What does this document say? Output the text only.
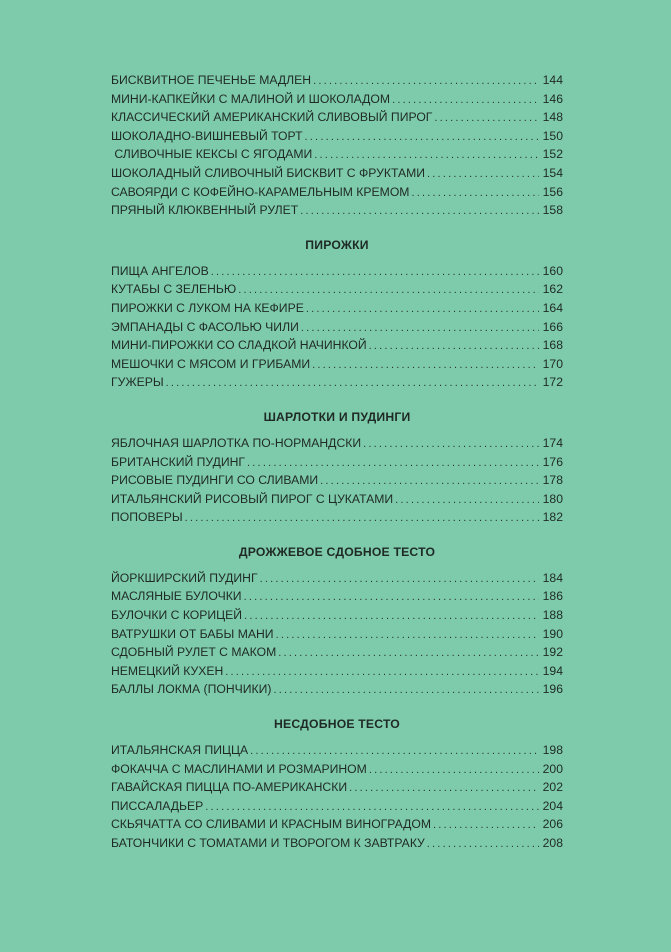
БИСКВИТНОЕ ПЕЧЕНЬЕ МАДЛЕН .....	144
МИНИ-КАПКЕЙКИ С МАЛИНОЙ И ШОКОЛАДОМ .....	146
КЛАССИЧЕСКИЙ АМЕРИКАНСКИЙ СЛИВОВЫЙ ПИРОГ .....	148
ШОКОЛАДНО-ВИШНЕВЫЙ ТОРТ .....	150
СЛИВОЧНЫЕ КЕКСЫ С ЯГОДАМИ .....	152
ШОКОЛАДНЫЙ СЛИВОЧНЫЙ БИСКВИТ С ФРУКТАМИ .....	154
САВОЯРДИ С КОФЕЙНО-КАРАМЕЛЬНЫМ КРЕМОМ .....	156
ПРЯНЫЙ КЛЮКВЕННЫЙ РУЛЕТ .....	158
ПИРОЖКИ
ПИЩА АНГЕЛОВ .....	160
КУТАБЫ С ЗЕЛЕНЬЮ .....	162
ПИРОЖКИ С ЛУКОМ НА КЕФИРЕ .....	164
ЭМПАНАДЫ С ФАСОЛЬЮ ЧИЛИ .....	166
МИНИ-ПИРОЖКИ СО СЛАДКОЙ НАЧИНКОЙ .....	168
МЕШОЧКИ С МЯСОМ И ГРИБАМИ .....	170
ГУЖЕРЫ .....	172
ШАРЛОТКИ И ПУДИНГИ
ЯБЛОЧНАЯ ШАРЛОТКА ПО-НОРМАНДСКИ .....	174
БРИТАНСКИЙ ПУДИНГ .....	176
РИСОВЫЕ ПУДИНГИ СО СЛИВАМИ .....	178
ИТАЛЬЯНСКИЙ РИСОВЫЙ ПИРОГ С ЦУКАТАМИ .....	180
ПОПОВЕРЫ .....	182
ДРОЖЖЕВОЕ СДОБНОЕ ТЕСТО
ЙОРКШИРСКИЙ ПУДИНГ .....	184
МАСЛЯНЫЕ БУЛОЧКИ .....	186
БУЛОЧКИ С КОРИЦЕЙ .....	188
ВАТРУШКИ ОТ БАБЫ МАНИ .....	190
СДОБНЫЙ РУЛЕТ С МАКОМ .....	192
НЕМЕЦКИЙ КУХЕН .....	194
БАЛЛЫ ЛОКМА (ПОНЧИКИ) .....	196
НЕСДОБНОЕ ТЕСТО
ИТАЛЬЯНСКАЯ ПИЦЦА .....	198
ФОКАЧЧА С МАСЛИНАМИ И РОЗМАРИНОМ .....	200
ГАВАЙСКАЯ ПИЦЦА ПО-АМЕРИКАНСКИ .....	202
ПИССАЛАДЬЕР .....	204
СКЬЯЧАТТА СО СЛИВАМИ И КРАСНЫМ ВИНОГРАДОМ .....	206
БАТОНЧИКИ С ТОМАТАМИ И ТВОРОГОМ К ЗАВТРАКУ .....	208
